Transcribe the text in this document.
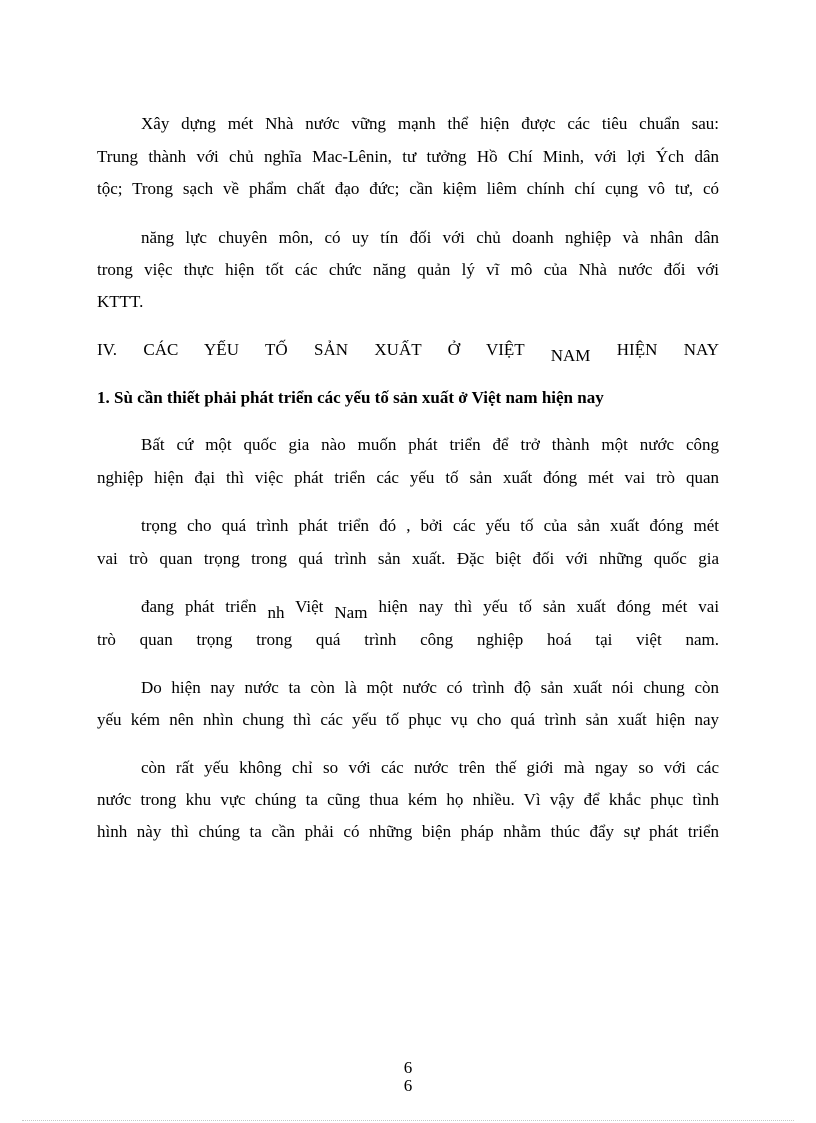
Xây dựng mét Nhà nước vững mạnh thể hiện được các tiêu chuẩn sau:
Trung thành với chủ nghĩa Mac-Lênin, tư tưởng Hồ Chí Minh, với lợi Ých dân
tộc; Trong sạch về phẩm chất đạo đức; cần kiệm liêm chính chí cụng vô tư, có
năng lực chuyên môn, có uy tín đối với chủ doanh nghiệp và nhân dân
trong việc thực hiện tốt các chức năng quản lý vĩ mô của Nhà nước đối với
KTTT.
IV. CÁC YẾU TỐ SẢN XUẤT Ở VIỆT NAM HIỆN NAY
1. Sù cần thiết phải phát triển các yếu tố sản xuất ở Việt nam hiện nay
Bất cứ một quốc gia nào muốn phát triển để trở thành một nước công
nghiệp hiện đại thì việc phát triển các yếu tố sản xuất đóng mét vai trò quan
trọng cho quá trình phát triển đó , bởi các yếu tố của sản xuất đóng mét
vai trò quan trọng trong quá trình sản xuất. Đặc biệt đối với những quốc gia
đang phát triển nh Việt Nam hiện nay thì yếu tố sản xuất đóng mét vai
trò quan trọng trong quá trình công nghiệp hoá tại việt nam.
Do hiện nay nước ta còn là một nước có trình độ sản xuất nói chung còn
yếu kém nên nhìn chung thì các yếu tố phục vụ cho quá trình sản xuất hiện nay
còn rất yếu không chỉ so với các nước trên thế giới mà ngay so với các
nước trong khu vực chúng ta cũng thua kém họ nhiều. Vì vậy để khắc phục tình
hình này thì chúng ta cần phải có những biện pháp nhằm thúc đẩy sự phát triển
6
6
